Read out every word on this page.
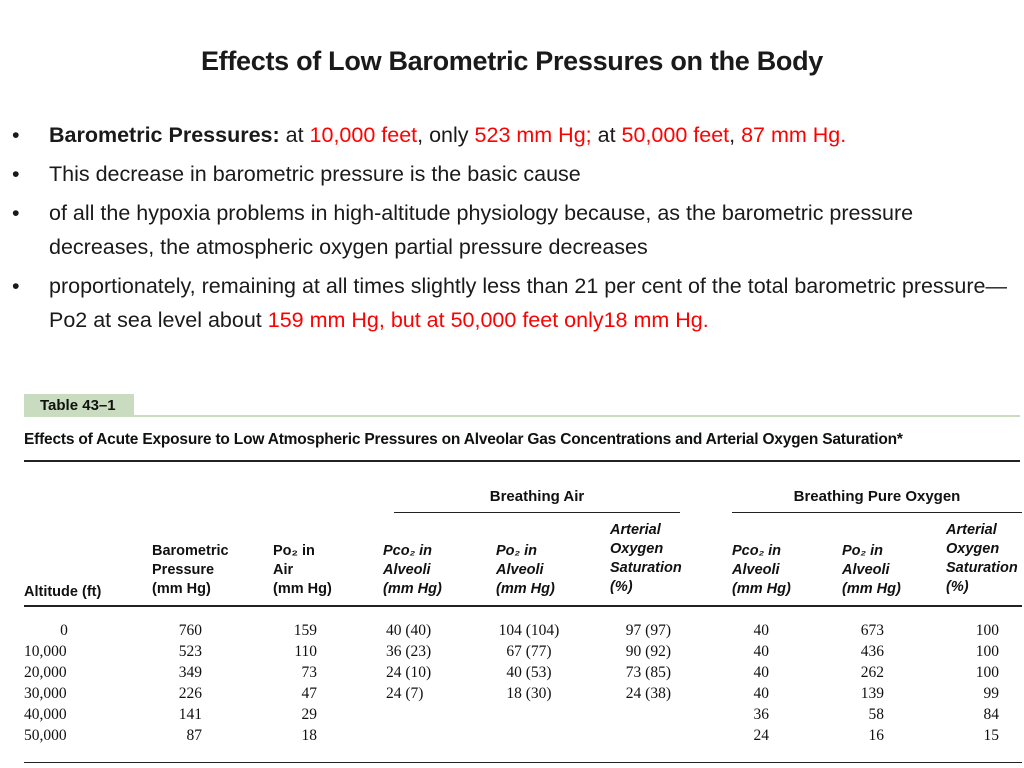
Effects of Low Barometric Pressures on the Body
• Barometric Pressures: at 10,000 feet, only 523 mm Hg; at 50,000 feet, 87 mm Hg.
• This decrease in barometric pressure is the basic cause
• of all the hypoxia problems in high-altitude physiology because, as the barometric pressure decreases, the atmospheric oxygen partial pressure decreases
• proportionately, remaining at all times slightly less than 21 per cent of the total barometric pressure—Po2 at sea level about 159 mm Hg, but at 50,000 feet only18 mm Hg.
Table 43–1
Effects of Acute Exposure to Low Atmospheric Pressures on Alveolar Gas Concentrations and Arterial Oxygen Saturation*
Breathing Air	Breathing Pure Oxygen
Altitude (ft)
Barometric
Pressure
(mm Hg)
Po₂ in
Air
(mm Hg)
Pco₂ in
Alveoli
(mm Hg)
Po₂ in
Alveoli
(mm Hg)
Arterial
Oxygen
Saturation
(%)
Pco₂ in
Alveoli
(mm Hg)
Po₂ in
Alveoli
(mm Hg)
Arterial
Oxygen
Saturation
(%)
0
10,000
20,000
30,000
40,000
50,000
760
523
349
226
141
87
159
110
73
47
29
18
40 (40)
36 (23)
24 (10)
24 (7)
104 (104)
67 (77)
40 (53)
18 (30)
97 (97)
90 (92)
73 (85)
24 (38)
40
40
40
40
36
24
673
436
262
139
58
16
100
100
100
99
84
15
